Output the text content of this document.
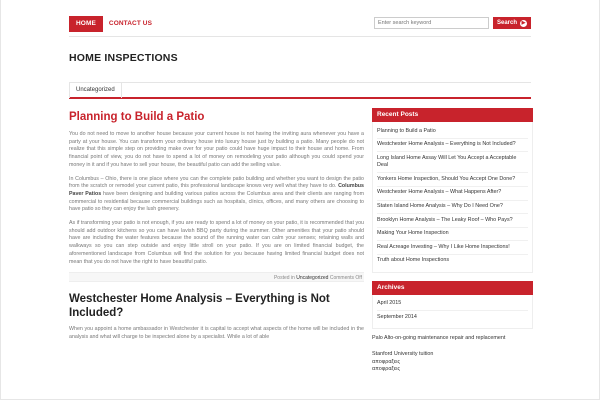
HOME	CONTACT US
Enter search keyword	Search ▶
HOME INSPECTIONS
Uncategorized
Planning to Build a Patio

You do not need to move to another house because your current house is not having the inviting aura whenever you have a party at your house. You can transform your ordinary house into luxury house just by building a patio. Many people do not realize that this simple step on providing make over for your patio could have huge impact to their house and home. From financial point of view, you do not have to spend a lot of money on remodeling your patio although you could spend your money in it and if you have to sell your house, the beautiful patio can add the selling value.

In Columbus – Ohio, there is one place where you can the complete patio building and whether you want to design the patio from the scratch or remodel your current patio, this professional landscape knows very well what they have to do. Columbus Paver Patios have been designing and building various patios across the Columbus area and their clients are ranging from commercial to residential because commercial buildings such as hospitals, clinics, offices, and many others are choosing to have patio so they can enjoy the lush greenery.

As if transforming your patio is not enough, if you are ready to spend a lot of money on your patio, it is recommended that you should add outdoor kitchens so you can have lavish BBQ party during the summer. Other amenities that your patio should have are including the water features because the sound of the running water can calm your senses; retaining walls and walkways so you can step outside and enjoy little stroll on your patio. If you are on limited financial budget, the aforementioned landscape from Columbus will find the solution for you because having limited financial budget does not mean that you do not have the right to have beautiful patio.

Posted in Uncategorized Comments Off
Westchester Home Analysis – Everything is Not Included?

When you appoint a home ambassador in Westchester it is capital to accept what aspects of the home will be included in the analysis and what will charge to be inspected alone by a specialist. While a lot of able

Recent Posts
Planning to Build a Patio
Westchester Home Analysis – Everything is Not Included?
Long Island Home Assay Will Let You Accept a Acceptable Deal
Yonkers Home Inspection, Should You Accept One Done?
Westchester Home Analysis – What Happens After?
Staten Island Home Analysis – Why Do I Need One?
Brooklyn Home Analysis – The Leaky Roof – Who Pays?
Making Your Home Inspection
Real Acreage Investing – Why I Like Home Inspections!
Truth about Home Inspections
Archives
April 2015
September 2014
Palo Alto-on-going maintenance repair and replacement
Stanford University tuition
αποφραξεις
αποφραξεις
